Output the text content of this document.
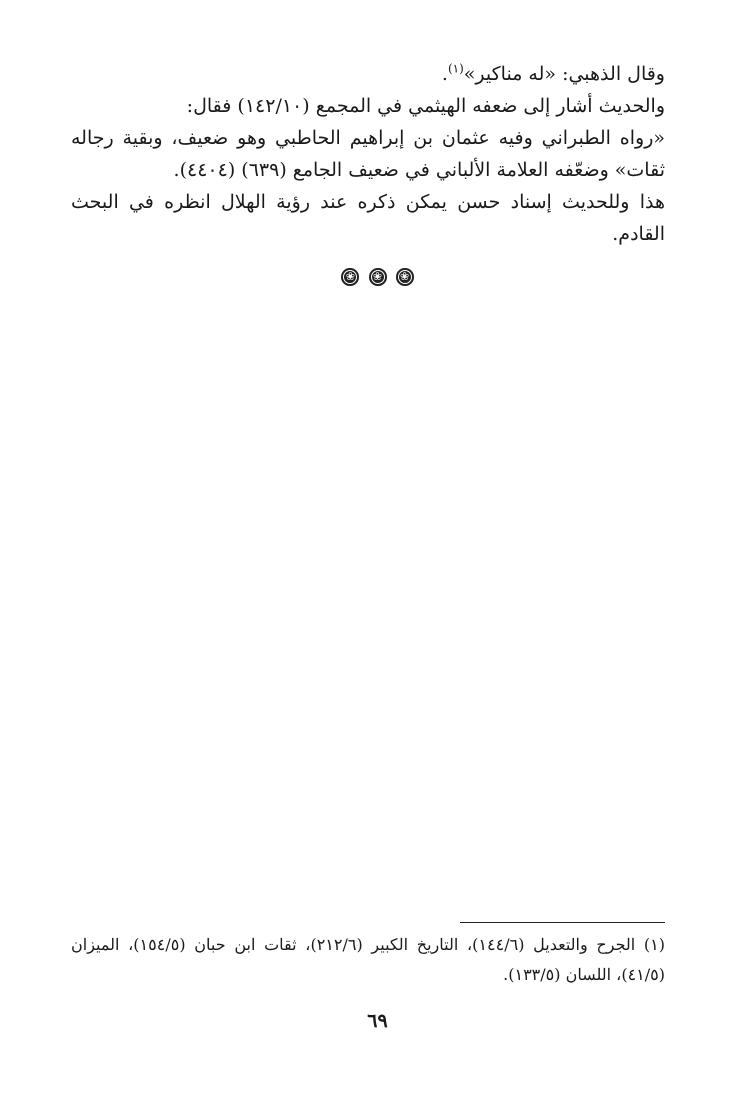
وقال الذهبي: «له مناكير»$^{(١)}$.

والحديث أشار إلى ضعفه الهيثمي في المجمع (١٤٢/١٠) فقال:

«رواه الطبراني وفيه عثمان بن إبراهيم الحاطبي وهو ضعيف، وبقية رجاله ثقات» وضعّفه العلامة الألباني في ضعيف الجامع (٦٣٩) (٤٤٠٤).

هذا وللحديث إسناد حسن يمكن ذكره عند رؤية الهلال انظره في البحث القادم.

❀ ❀ ❀

(١) الجرح والتعديل (١٤٤/٦)، التاريخ الكبير (٢١٢/٦)، ثقات ابن حبان (١٥٤/٥)، الميزان (٤١/٥)، اللسان (١٣٣/٥).

٦٩
